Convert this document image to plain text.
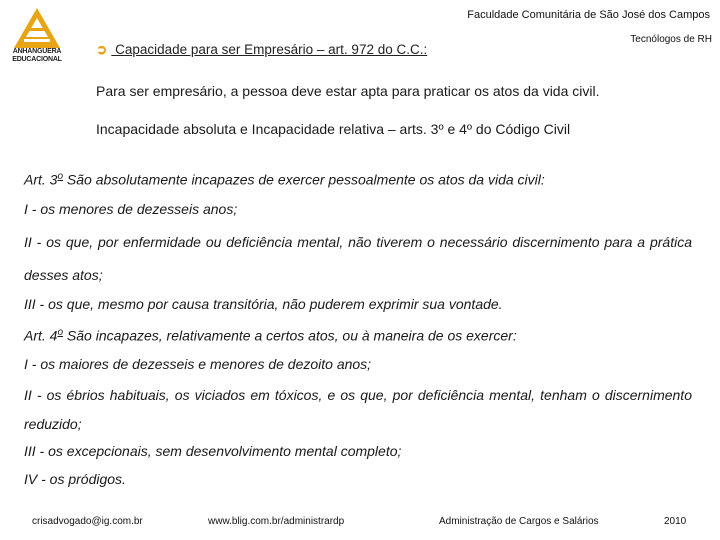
ANHANGUERA
EDUCACIONAL
Faculdade Comunitária de São José dos Campos
Tecnólogos de RH
➲ Capacidade para ser Empresário – art. 972 do C.C.:
Para ser empresário, a pessoa deve estar apta para praticar os atos da vida civil.
Incapacidade absoluta e Incapacidade relativa – arts. 3º e 4º do Código Civil

Art. 3$^o$ São absolutamente incapazes de exercer pessoalmente os atos da vida civil:

I - os menores de dezesseis anos;

II - os que, por enfermidade ou deficiência mental, não tiverem o necessário discernimento para a prática desses atos;

III - os que, mesmo por causa transitória, não puderem exprimir sua vontade.

Art. 4$^o$ São incapazes, relativamente a certos atos, ou à maneira de os exercer:

I - os maiores de dezesseis e menores de dezoito anos;

II - os ébrios habituais, os viciados em tóxicos, e os que, por deficiência mental, tenham o discernimento reduzido;

III - os excepcionais, sem desenvolvimento mental completo;

IV - os pródigos.

crisadvogado@ig.com.br	www.blig.com.br/administrardp	Administração de Cargos e Salários	2010
